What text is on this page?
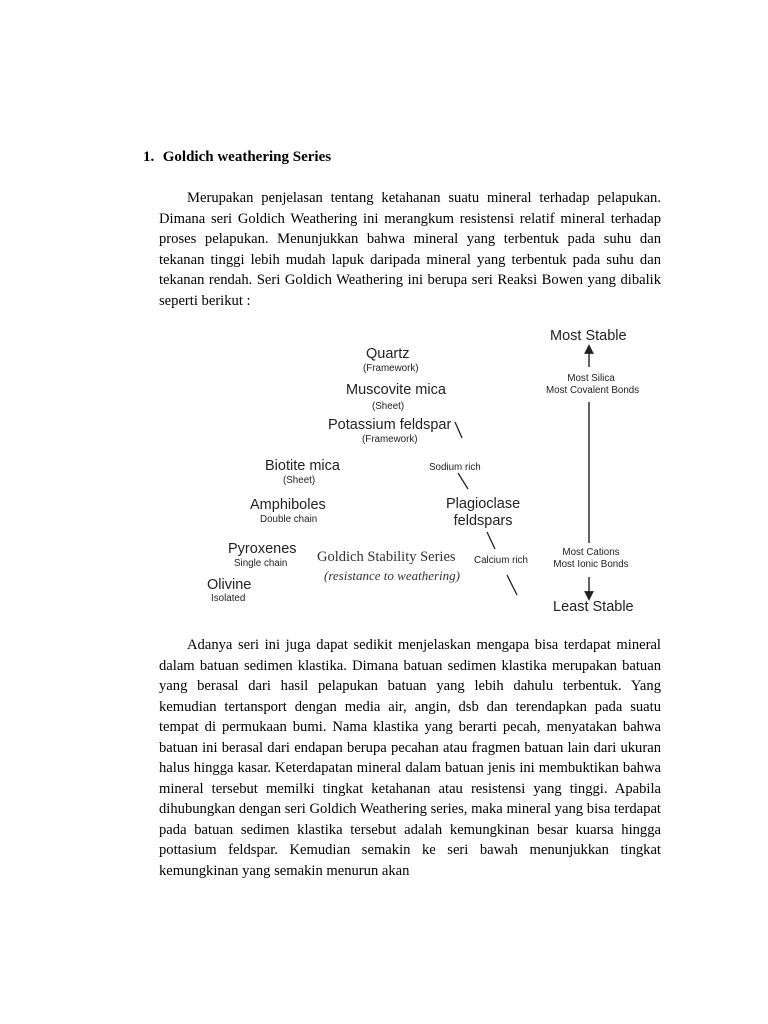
1. Goldich weathering Series

Merupakan penjelasan tentang ketahanan suatu mineral terhadap pelapukan. Dimana seri Goldich Weathering ini merangkum resistensi relatif mineral terhadap proses pelapukan. Menunjukkan bahwa mineral yang terbentuk pada suhu dan tekanan tinggi lebih mudah lapuk daripada mineral yang terbentuk pada suhu dan tekanan rendah. Seri Goldich Weathering ini berupa seri Reaksi Bowen yang dibalik seperti berikut :

Quartz
(Framework)
Muscovite mica
(Sheet)
Potassium feldspar
(Framework)
Biotite mica
(Sheet)
Sodium rich
Amphiboles
Double chain
Plagioclase
feldspars
Pyroxenes
Single chain Goldich Stability Series
(resistance to weathering)
Calcium rich
Olivine
Isolated
Most Stable
Most Silica
Most Covalent Bonds
Most Cations
Most Ionic Bonds
Least Stable

Adanya seri ini juga dapat sedikit menjelaskan mengapa bisa terdapat mineral dalam batuan sedimen klastika. Dimana batuan sedimen klastika merupakan batuan yang berasal dari hasil pelapukan batuan yang lebih dahulu terbentuk. Yang kemudian tertansport dengan media air, angin, dsb dan terendapkan pada suatu tempat di permukaan bumi. Nama klastika yang berarti pecah, menyatakan bahwa batuan ini berasal dari endapan berupa pecahan atau fragmen batuan lain dari ukuran halus hingga kasar. Keterdapatan mineral dalam batuan jenis ini membuktikan bahwa mineral tersebut memilki tingkat ketahanan atau resistensi yang tinggi. Apabila dihubungkan dengan seri Goldich Weathering series, maka mineral yang bisa terdapat pada batuan sedimen klastika tersebut adalah kemungkinan besar kuarsa hingga pottasium feldspar. Kemudian semakin ke seri bawah menunjukkan tingkat kemungkinan yang semakin menurun akan
